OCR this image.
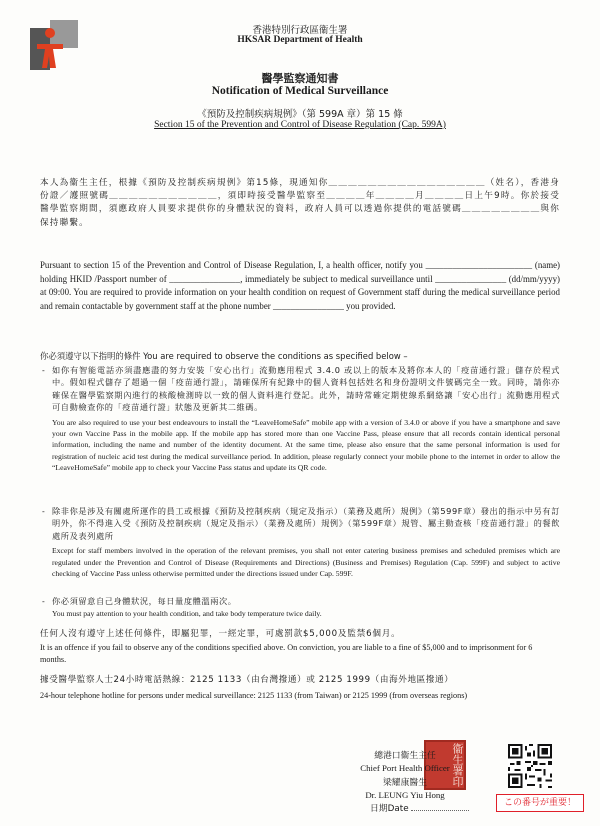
香港特別行政區衞生署
HKSAR Department of Health
醫學監察通知書
Notification of Medical Surveillance
《預防及控制疾病規例》（第 599A 章）第 15 條
Section 15 of the Prevention and Control of Disease Regulation (Cap. 599A)
本人為衞生主任，根據《預防及控制疾病規例》第15條，現通知你＿＿＿＿＿＿＿＿＿＿＿＿＿＿＿＿（姓名），香港身份證／護照號碼＿＿＿＿＿＿＿＿＿＿＿，須即時接受醫學監察至＿＿＿＿年＿＿＿＿月＿＿＿＿日上午9時。你於接受醫學監察期間，須應政府人員要求提供你的身體狀況的資料，政府人員可以透過你提供的電話號碼＿＿＿＿＿＿＿＿與你保持聯繫。
Pursuant to section 15 of the Prevention and Control of Disease Regulation, I, a health officer, notify you ________________________ (name) holding HKID /Passport number of ________________, immediately be subject to medical surveillance until ________________ (dd/mm/yyyy) at 09:00. You are required to provide information on your health condition on request of Government staff during the medical surveillance period and remain contactable by government staff at the phone number ________________ you provided.
你必須遵守以下指明的條件 You are required to observe the conditions as specified below –
- 如你有智能電話亦須盡應盡的努力安裝「安心出行」流動應用程式 3.4.0 或以上的版本及將你本人的「疫苗通行證」儲存於程式中。假如程式儲存了超過一個「疫苗通行證」，請確保所有紀錄中的個人資料包括姓名和身份證明文件號碼完全一致。同時，請你亦確保在醫學監察期內進行的核酸檢測時以一致的個人資料進行登記。此外，請時常確定期使線系網絡讓「安心出行」流動應用程式可自動檢查你的「疫苗通行證」狀態及更新其二維碼。
You are also required to use your best endeavours to install the “LeaveHomeSafe” mobile app with a version of 3.4.0 or above if you have a smartphone and save your own Vaccine Pass in the mobile app. If the mobile app has stored more than one Vaccine Pass, please ensure that all records contain identical personal information, including the name and number of the identity document. At the same time, please also ensure that the same personal information is used for registration of nucleic acid test during the medical surveillance period. In addition, please regularly connect your mobile phone to the internet in order to allow the “LeaveHomeSafe” mobile app to check your Vaccine Pass status and update its QR code.
- 除非你是涉及有關處所運作的員工或根據《預防及控制疾病（規定及指示）（業務及處所）規例》（第599F章）發出的指示中另有訂明外，你不得進入受《預防及控制疾病（規定及指示）（業務及處所）規例》（第599F章）規管、屬主動查核「疫苗通行證」的餐飲處所及表列處所
Except for staff members involved in the operation of the relevant premises, you shall not enter catering business premises and scheduled premises which are regulated under the Prevention and Control of Disease (Requirements and Directions) (Business and Premises) Regulation (Cap. 599F) and subject to active checking of Vaccine Pass unless otherwise permitted under the directions issued under Cap. 599F.
- 你必須留意自己身體狀況，每日量度體溫兩次。
You must pay attention to your health condition, and take body temperature twice daily.
任何人沒有遵守上述任何條件，即屬犯罪，一經定罪，可處罰款$5,000及監禁6個月。
It is an offence if you fail to observe any of the conditions specified above. On conviction, you are liable to a fine of $5,000 and to imprisonment for 6 months.
據受醫學監察人士24小時電話熱線：2125 1133（由台灣撥通）或 2125 1999（由海外地區撥通）
24-hour telephone hotline for persons under medical surveillance: 2125 1133 (from Taiwan) or 2125 1999 (from overseas regions)
衞生署印
總港口衞生主任
Chief Port Health Officer
梁耀康醫生
Dr. LEUNG Yiu Hong
日期Date
この番号が重要！
